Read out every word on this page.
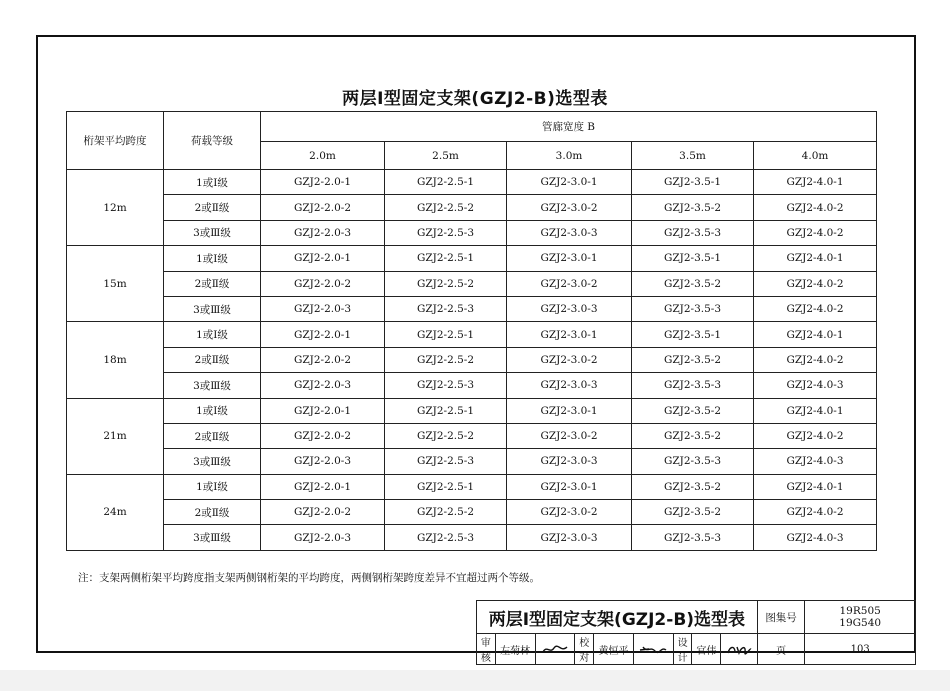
两层Ⅰ型固定支架(GZJ2-B)选型表
桁架平均跨度	荷载等级	管廊宽度 B				
		2.0m	2.5m	3.0m	3.5m	4.0m
12m	1或Ⅰ级	GZJ2-2.0-1	GZJ2-2.5-1	GZJ2-3.0-1	GZJ2-3.5-1	GZJ2-4.0-1
	2或Ⅱ级	GZJ2-2.0-2	GZJ2-2.5-2	GZJ2-3.0-2	GZJ2-3.5-2	GZJ2-4.0-2
	3或Ⅲ级	GZJ2-2.0-3	GZJ2-2.5-3	GZJ2-3.0-3	GZJ2-3.5-3	GZJ2-4.0-2
15m	1或Ⅰ级	GZJ2-2.0-1	GZJ2-2.5-1	GZJ2-3.0-1	GZJ2-3.5-1	GZJ2-4.0-1
	2或Ⅱ级	GZJ2-2.0-2	GZJ2-2.5-2	GZJ2-3.0-2	GZJ2-3.5-2	GZJ2-4.0-2
	3或Ⅲ级	GZJ2-2.0-3	GZJ2-2.5-3	GZJ2-3.0-3	GZJ2-3.5-3	GZJ2-4.0-2
18m	1或Ⅰ级	GZJ2-2.0-1	GZJ2-2.5-1	GZJ2-3.0-1	GZJ2-3.5-1	GZJ2-4.0-1
	2或Ⅱ级	GZJ2-2.0-2	GZJ2-2.5-2	GZJ2-3.0-2	GZJ2-3.5-2	GZJ2-4.0-2
	3或Ⅲ级	GZJ2-2.0-3	GZJ2-2.5-3	GZJ2-3.0-3	GZJ2-3.5-3	GZJ2-4.0-3
21m	1或Ⅰ级	GZJ2-2.0-1	GZJ2-2.5-1	GZJ2-3.0-1	GZJ2-3.5-2	GZJ2-4.0-1
	2或Ⅱ级	GZJ2-2.0-2	GZJ2-2.5-2	GZJ2-3.0-2	GZJ2-3.5-2	GZJ2-4.0-2
	3或Ⅲ级	GZJ2-2.0-3	GZJ2-2.5-3	GZJ2-3.0-3	GZJ2-3.5-3	GZJ2-4.0-3
24m	1或Ⅰ级	GZJ2-2.0-1	GZJ2-2.5-1	GZJ2-3.0-1	GZJ2-3.5-2	GZJ2-4.0-1
	2或Ⅱ级	GZJ2-2.0-2	GZJ2-2.5-2	GZJ2-3.0-2	GZJ2-3.5-2	GZJ2-4.0-2
	3或Ⅲ级	GZJ2-2.0-3	GZJ2-2.5-3	GZJ2-3.0-3	GZJ2-3.5-3	GZJ2-4.0-3
注：支架两侧桁架平均跨度指支架两侧钢桁架的平均跨度，两侧钢桁架跨度差异不宜超过两个等级。
两层Ⅰ型固定支架(GZJ2-B)选型表									图集号	19R505
19G540

审核	左菊林		校对	黄恒平		设计	官伟		页	103
